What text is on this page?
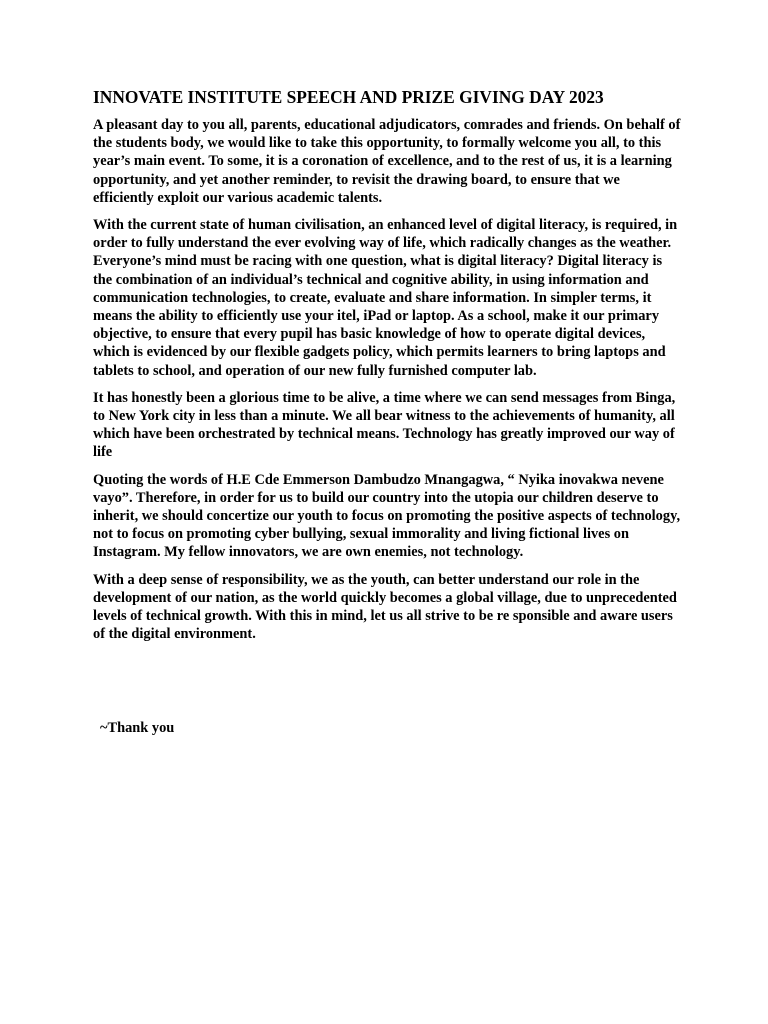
INNOVATE INSTITUTE SPEECH AND PRIZE GIVING DAY 2023

A pleasant day to you all, parents, educational adjudicators, comrades and friends. On behalf of the students body, we would like to take this opportunity, to formally welcome you all, to this year’s main event. To some, it is a coronation of excellence, and to the rest of us, it is a learning opportunity, and yet another reminder, to revisit the drawing board, to ensure that we efficiently exploit our various academic talents.

With the current state of human civilisation, an enhanced level of digital literacy, is required, in order to fully understand the ever evolving way of life, which radically changes as the weather. Everyone’s mind must be racing with one question, what is digital literacy? Digital literacy is the combination of an individual’s technical and cognitive ability, in using information and communication technologies, to create, evaluate and share information. In simpler terms, it means the ability to efficiently use your itel, iPad or laptop. As a school, make it our primary objective, to ensure that every pupil has basic knowledge of how to operate digital devices, which is evidenced by our flexible gadgets policy, which permits learners to bring laptops and tablets to school, and operation of our new fully furnished computer lab.

It has honestly been a glorious time to be alive, a time where we can send messages from Binga, to New York city in less than a minute. We all bear witness to the achievements of humanity, all which have been orchestrated by technical means. Technology has greatly improved our way of life

Quoting the words of H.E Cde Emmerson Dambudzo Mnangagwa, “ Nyika inovakwa nevene vayo”. Therefore, in order for us to build our country into the utopia our children deserve to inherit, we should concertize our youth to focus on promoting the positive aspects of technology, not to focus on promoting cyber bullying, sexual immorality and living fictional lives on Instagram. My fellow innovators, we are own enemies, not technology.

With a deep sense of responsibility, we as the youth, can better understand our role in the development of our nation, as the world quickly becomes a global village, due to unprecedented levels of technical growth. With this in mind, let us all strive to be re sponsible and aware users of the digital environment.

~Thank you
